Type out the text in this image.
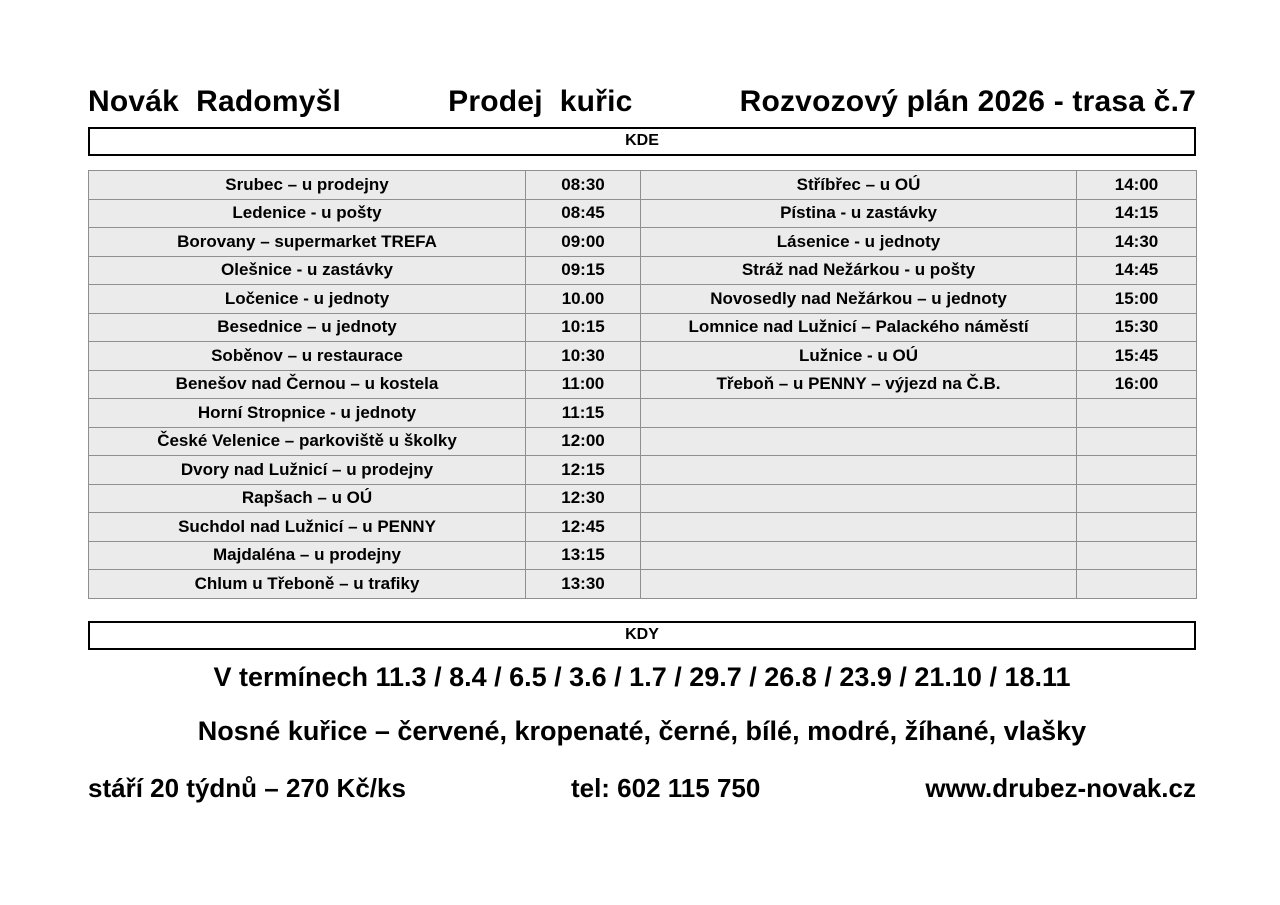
Novák  Radomyšl	Prodej  kuřic	Rozvozový plán 2026 - trasa č.7
KDE
Srubec – u prodejny	08:30	Stříbřec – u OÚ	14:00
Ledenice - u pošty	08:45	Pístina - u zastávky	14:15
Borovany – supermarket TREFA	09:00	Lásenice - u jednoty	14:30
Olešnice - u zastávky	09:15	Stráž nad Nežárkou - u pošty	14:45
Ločenice - u jednoty	10.00	Novosedly nad Nežárkou – u jednoty	15:00
Besednice – u jednoty	10:15	Lomnice nad Lužnicí – Palackého náměstí	15:30
Soběnov – u restaurace	10:30	Lužnice - u OÚ	15:45
Benešov nad Černou – u kostela	11:00	Třeboň – u PENNY – výjezd na Č.B.	16:00
Horní Stropnice - u jednoty	11:15		
České Velenice – parkoviště u školky	12:00		
Dvory nad Lužnicí – u prodejny	12:15		
Rapšach – u OÚ	12:30		
Suchdol nad Lužnicí – u PENNY	12:45		
Majdaléna – u prodejny	13:15		
Chlum u Třeboně – u trafiky	13:30		
KDY
V termínech 11.3 / 8.4 / 6.5 / 3.6 / 1.7 / 29.7 / 26.8 / 23.9 / 21.10 / 18.11
Nosné kuřice – červené, kropenaté, černé, bílé, modré, žíhané, vlašky
stáří 20 týdnů – 270 Kč/ks	tel: 602 115 750	www.drubez-novak.cz
